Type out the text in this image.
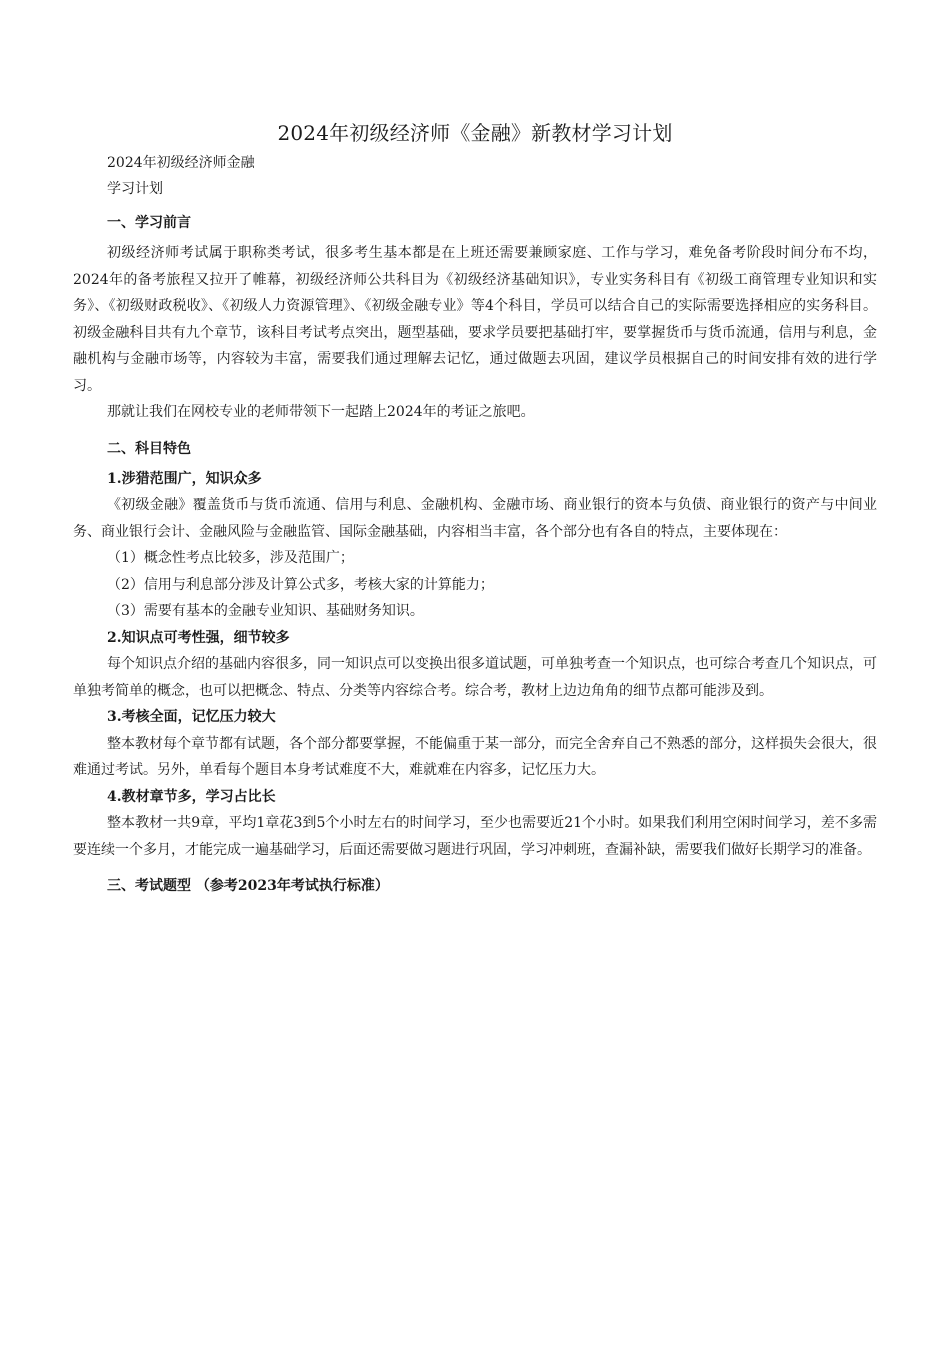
2024年初级经济师《金融》新教材学习计划

2024年初级经济师金融

学习计划

一、学习前言

初级经济师考试属于职称类考试，很多考生基本都是在上班还需要兼顾家庭、工作与学习，难免备考阶段时间分布不均，2024年的备考旅程又拉开了帷幕，初级经济师公共科目为《初级经济基础知识》，专业实务科目有《初级工商管理专业知识和实务》、《初级财政税收》、《初级人力资源管理》、《初级金融专业》等4个科目，学员可以结合自己的实际需要选择相应的实务科目。初级金融科目共有九个章节，该科目考试考点突出，题型基础，要求学员要把基础打牢，要掌握货币与货币流通，信用与利息，金融机构与金融市场等，内容较为丰富，需要我们通过理解去记忆，通过做题去巩固，建议学员根据自己的时间安排有效的进行学习。

那就让我们在网校专业的老师带领下一起踏上2024年的考证之旅吧。

二、科目特色

1.涉猎范围广，知识众多

《初级金融》覆盖货币与货币流通、信用与利息、金融机构、金融市场、商业银行的资本与负债、商业银行的资产与中间业务、商业银行会计、金融风险与金融监管、国际金融基础，内容相当丰富，各个部分也有各自的特点，主要体现在：

（1）概念性考点比较多，涉及范围广；

（2）信用与利息部分涉及计算公式多，考核大家的计算能力；

（3）需要有基本的金融专业知识、基础财务知识。

2.知识点可考性强，细节较多

每个知识点介绍的基础内容很多，同一知识点可以变换出很多道试题，可单独考查一个知识点，也可综合考查几个知识点，可单独考简单的概念，也可以把概念、特点、分类等内容综合考。综合考，教材上边边角角的细节点都可能涉及到。

3.考核全面，记忆压力较大

整本教材每个章节都有试题，各个部分都要掌握，不能偏重于某一部分，而完全舍弃自己不熟悉的部分，这样损失会很大，很难通过考试。另外，单看每个题目本身考试难度不大，难就难在内容多，记忆压力大。

4.教材章节多，学习占比长

整本教材一共9章，平均1章花3到5个小时左右的时间学习，至少也需要近21个小时。如果我们利用空闲时间学习，差不多需要连续一个多月，才能完成一遍基础学习，后面还需要做习题进行巩固，学习冲刺班，查漏补缺，需要我们做好长期学习的准备。

三、考试题型 （参考2023年考试执行标准）
